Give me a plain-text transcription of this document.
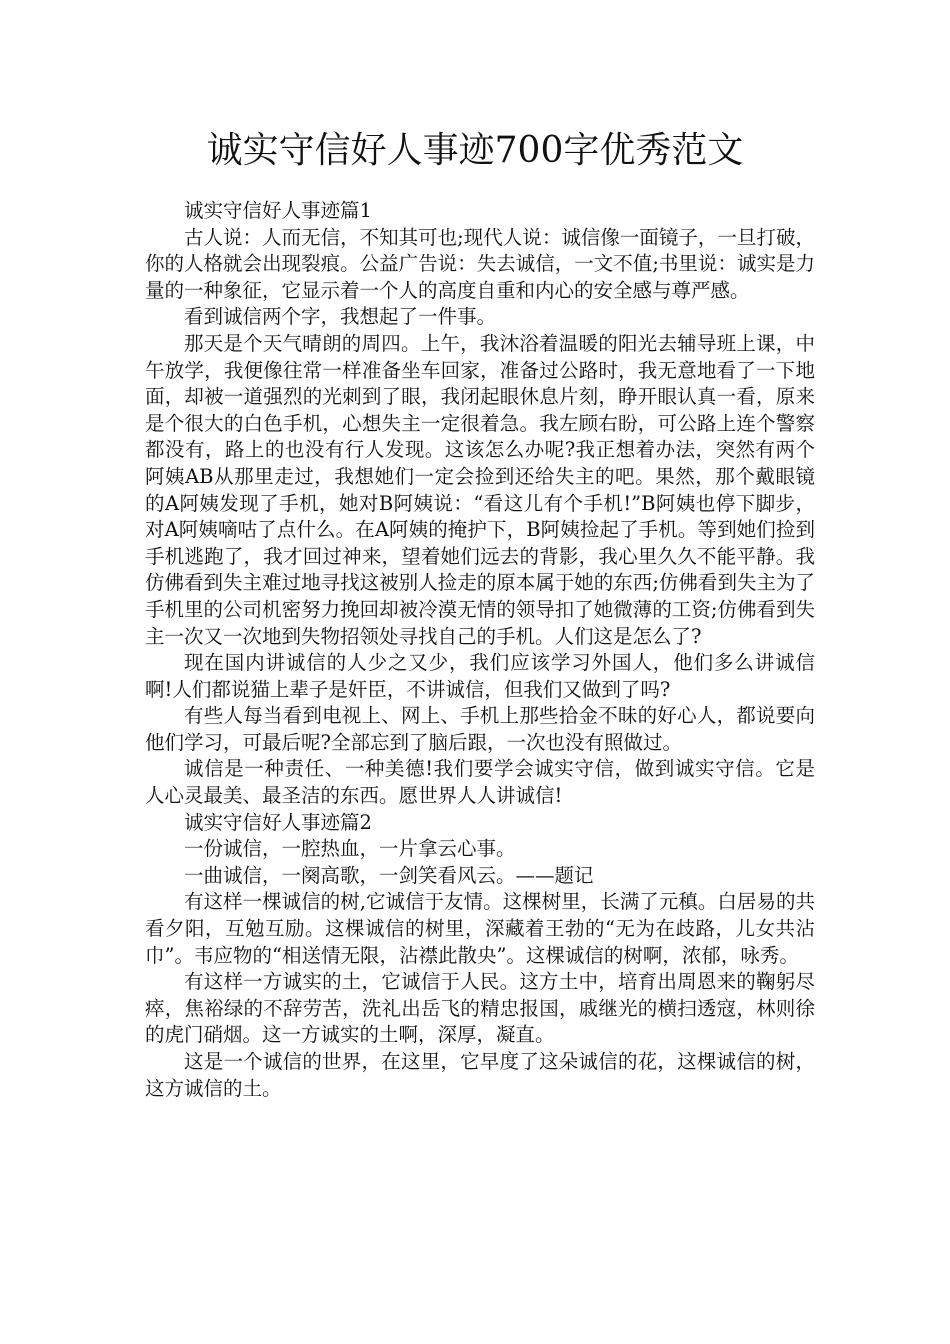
诚实守信好人事迹700字优秀范文

诚实守信好人事迹篇1

古人说：人而无信，不知其可也;现代人说：诚信像一面镜子，一旦打破，你的人格就会出现裂痕。公益广告说：失去诚信，一文不值;书里说：诚实是力量的一种象征，它显示着一个人的高度自重和内心的安全感与尊严感。

看到诚信两个字，我想起了一件事。

那天是个天气晴朗的周四。上午，我沐浴着温暖的阳光去辅导班上课，中午放学，我便像往常一样准备坐车回家，准备过公路时，我无意地看了一下地面，却被一道强烈的光刺到了眼，我闭起眼休息片刻，睁开眼认真一看，原来是个很大的白色手机，心想失主一定很着急。我左顾右盼，可公路上连个警察都没有，路上的也没有行人发现。这该怎么办呢?我正想着办法，突然有两个阿姨AB从那里走过，我想她们一定会捡到还给失主的吧。果然，那个戴眼镜的A阿姨发现了手机，她对B阿姨说：“看这儿有个手机!”B阿姨也停下脚步，对A阿姨嘀咕了点什么。在A阿姨的掩护下，B阿姨捡起了手机。等到她们捡到手机逃跑了，我才回过神来，望着她们远去的背影，我心里久久不能平静。我仿佛看到失主难过地寻找这被别人捡走的原本属于她的东西;仿佛看到失主为了手机里的公司机密努力挽回却被冷漠无情的领导扣了她微薄的工资;仿佛看到失主一次又一次地到失物招领处寻找自己的手机。人们这是怎么了?

现在国内讲诚信的人少之又少，我们应该学习外国人，他们多么讲诚信啊!人们都说猫上辈子是奸臣，不讲诚信，但我们又做到了吗?

有些人每当看到电视上、网上、手机上那些拾金不昧的好心人，都说要向他们学习，可最后呢?全部忘到了脑后跟，一次也没有照做过。

诚信是一种责任、一种美德!我们要学会诚实守信，做到诚实守信。它是人心灵最美、最圣洁的东西。愿世界人人讲诚信!

诚实守信好人事迹篇2

一份诚信，一腔热血，一片拿云心事。

一曲诚信，一阕高歌，一剑笑看风云。——题记

有这样一棵诚信的树,它诚信于友情。这棵树里，长满了元稹。白居易的共看夕阳，互勉互励。这棵诚信的树里，深藏着王勃的“无为在歧路，儿女共沾巾”。韦应物的“相送情无限，沾襟此散央”。这棵诚信的树啊，浓郁，咏秀。

有这样一方诚实的土，它诚信于人民。这方土中，培育出周恩来的鞠躬尽瘁，焦裕绿的不辞劳苦，洗礼出岳飞的精忠报国，戚继光的横扫透寇，林则徐的虎门硝烟。这一方诚实的土啊，深厚，凝直。

这是一个诚信的世界，在这里，它早度了这朵诚信的花，这棵诚信的树，这方诚信的土。
